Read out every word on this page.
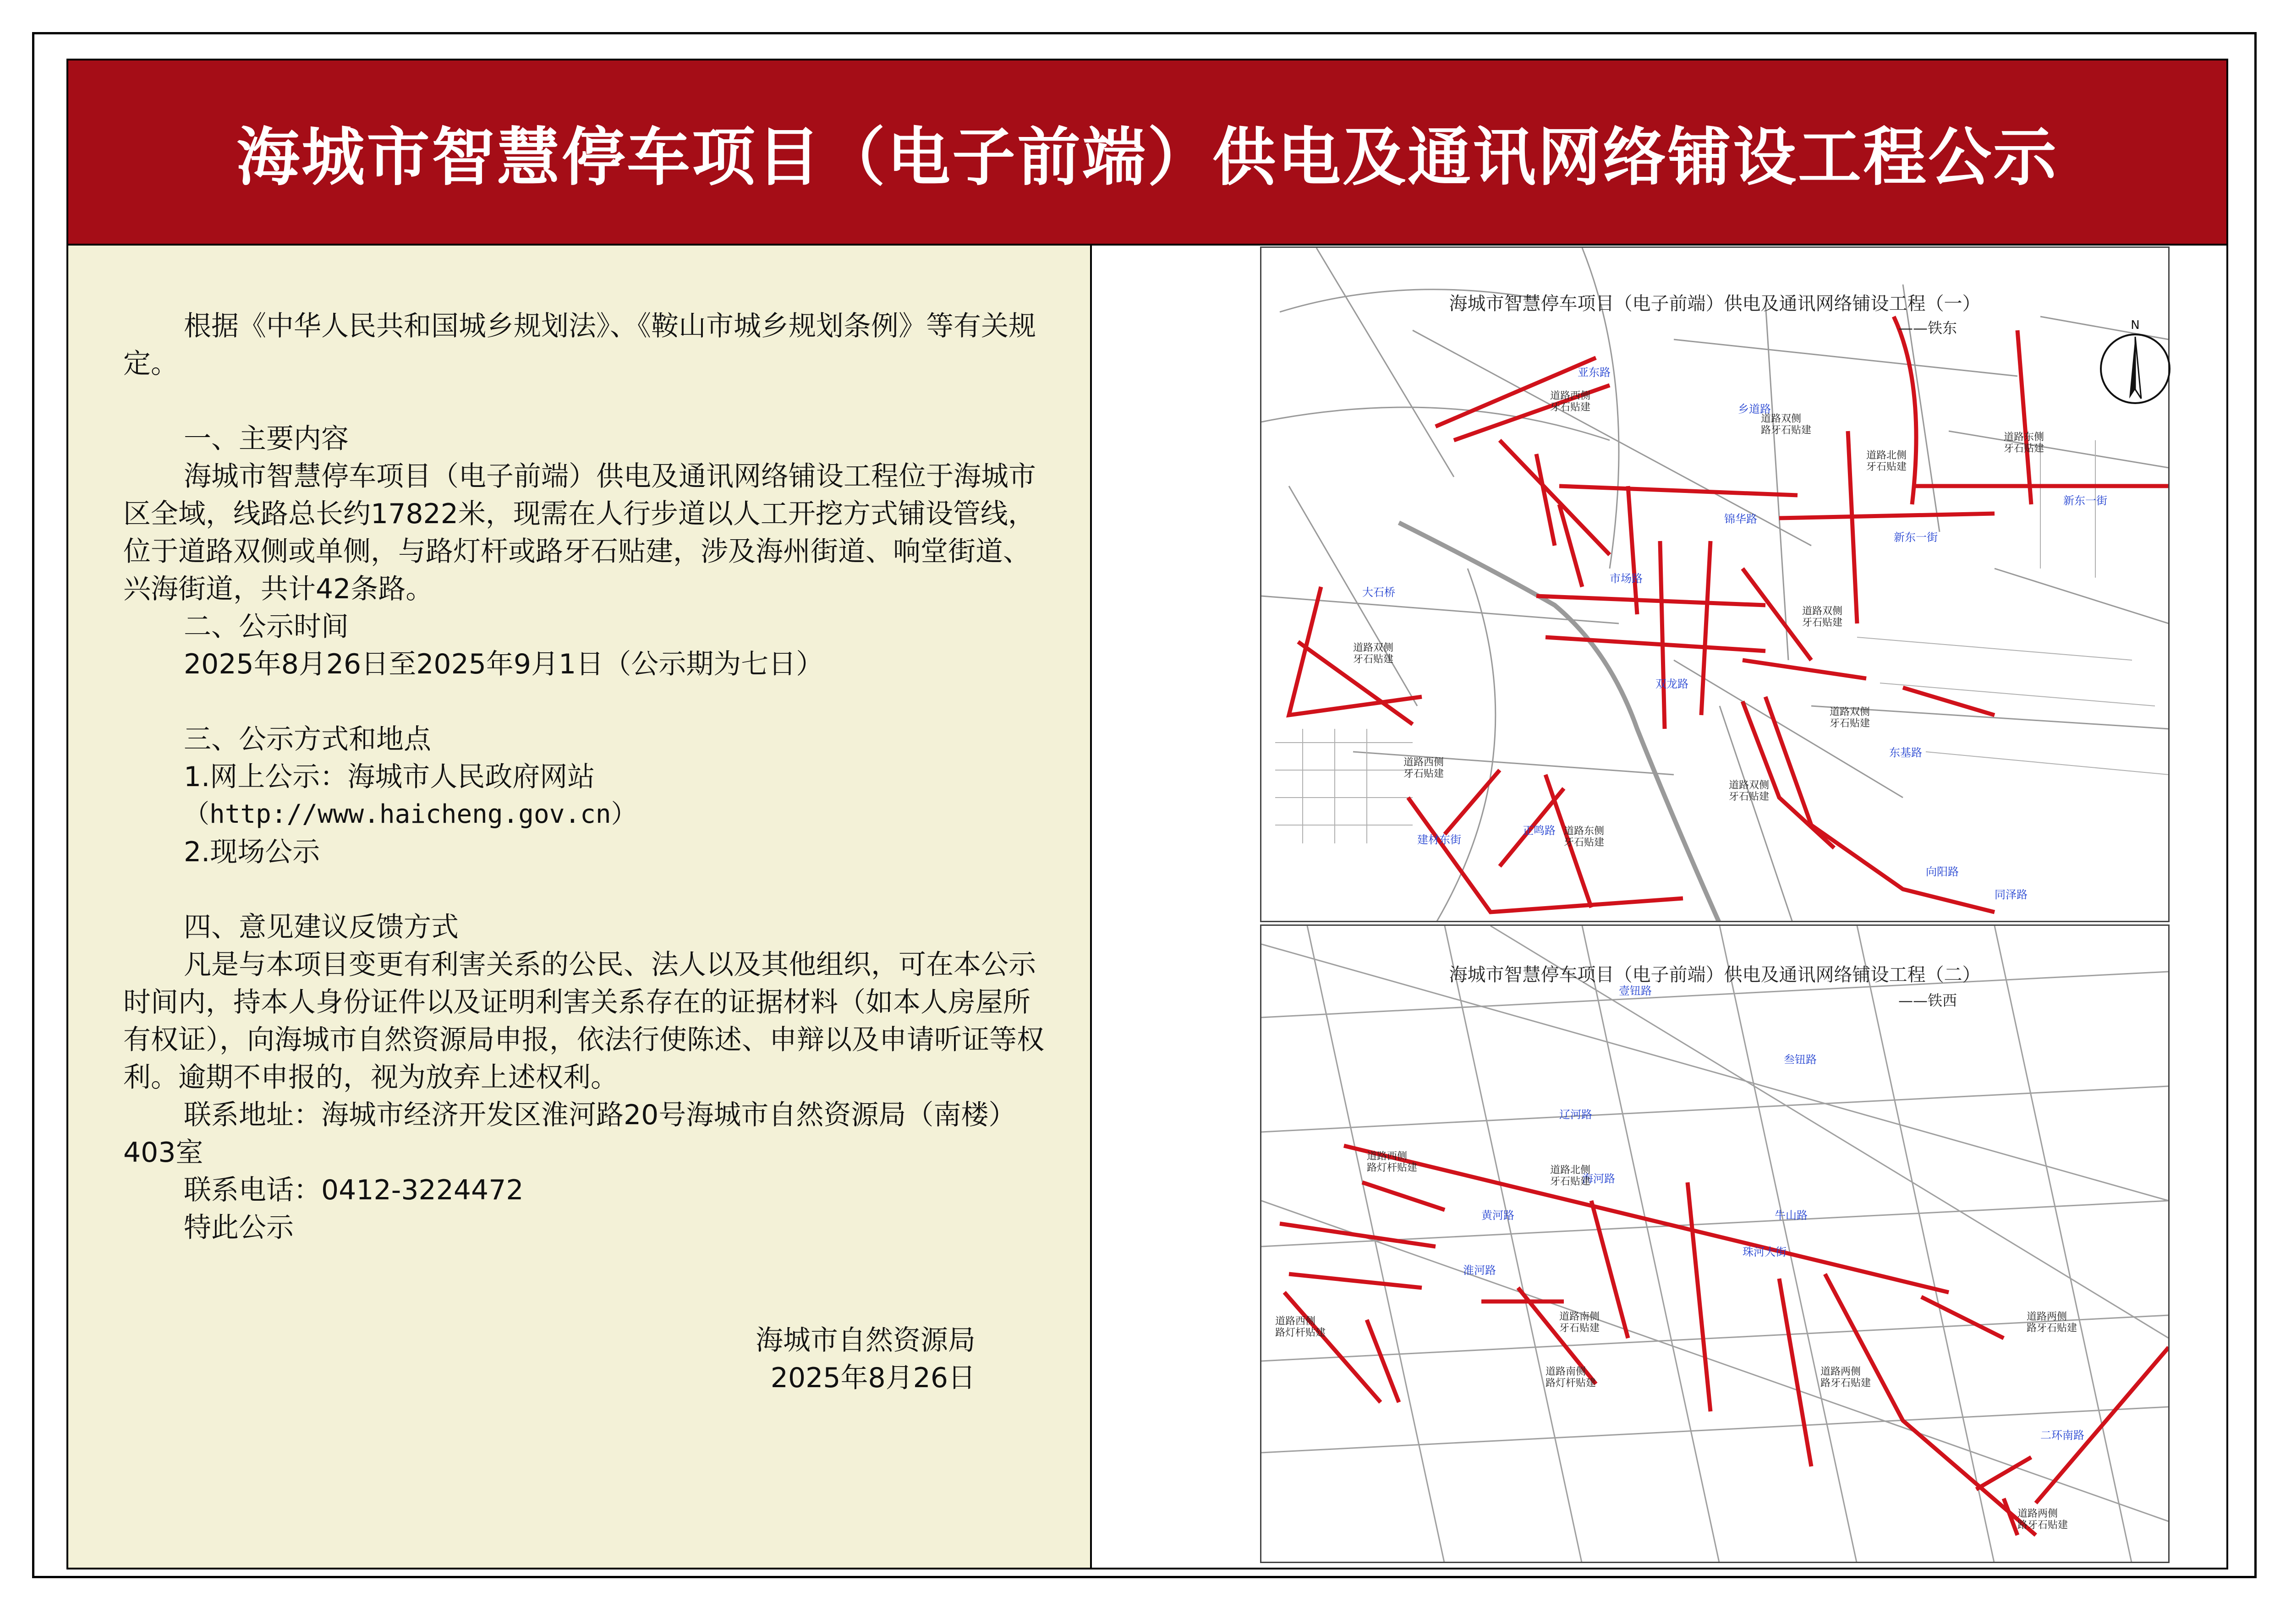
海城市智慧停车项目（电子前端）供电及通讯网络铺设工程公示

根据《中华人民共和国城乡规划法》、《鞍山市城乡规划条例》等有关规定。

一、主要内容

海城市智慧停车项目（电子前端）供电及通讯网络铺设工程位于海城市区全域，线路总长约17822米，现需在人行步道以人工开挖方式铺设管线，位于道路双侧或单侧，与路灯杆或路牙石贴建，涉及海州街道、响堂街道、兴海街道，共计42条路。

二、公示时间

2025年8月26日至2025年9月1日（公示期为七日）

三、公示方式和地点

1.网上公示：海城市人民政府网站

（http://www.haicheng.gov.cn）

2.现场公示

四、意见建议反馈方式

凡是与本项目变更有利害关系的公民、法人以及其他组织，可在本公示时间内，持本人身份证件以及证明利害关系存在的证据材料（如本人房屋所有权证），向海城市自然资源局申报，依法行使陈述、申辩以及申请听证等权利。逾期不申报的，视为放弃上述权利。

联系地址：海城市经济开发区淮河路20号海城市自然资源局（南楼）403室

联系电话：0412-3224472

特此公示

海城市自然资源局

2025年8月26日

亚东路
乡道路
锦华路
市场路
双龙路
新东一街
新东一街
东基路
向阳路
同泽路
建材东街
正鸣路
大石桥
道路西侧
牙石贴建
道路双侧
路牙石贴建
道路北侧
牙石贴建
道路东侧
牙石贴建
道路双侧
牙石贴建
道路双侧
牙石贴建
道路西侧
牙石贴建
道路双侧
牙石贴建
道路东侧
牙石贴建
道路双侧
牙石贴建
海城市智慧停车项目（电子前端）供电及通讯网络铺设工程（一）
——铁东
壹钮路
叁钮路
辽河路
海河路
牛山路
黄河路
淮河路
珠河大街
二环南路
道路西侧
路灯杆贴建	道路北侧
牙石贴建
道路西侧
路灯杆贴建
道路南侧
牙石贴建
道路南侧
路灯杆贴建
道路两侧
路牙石贴建
道路两侧
路牙石贴建
道路两侧
路牙石贴建
海城市智慧停车项目（电子前端）供电及通讯网络铺设工程（二）
——铁西
N
